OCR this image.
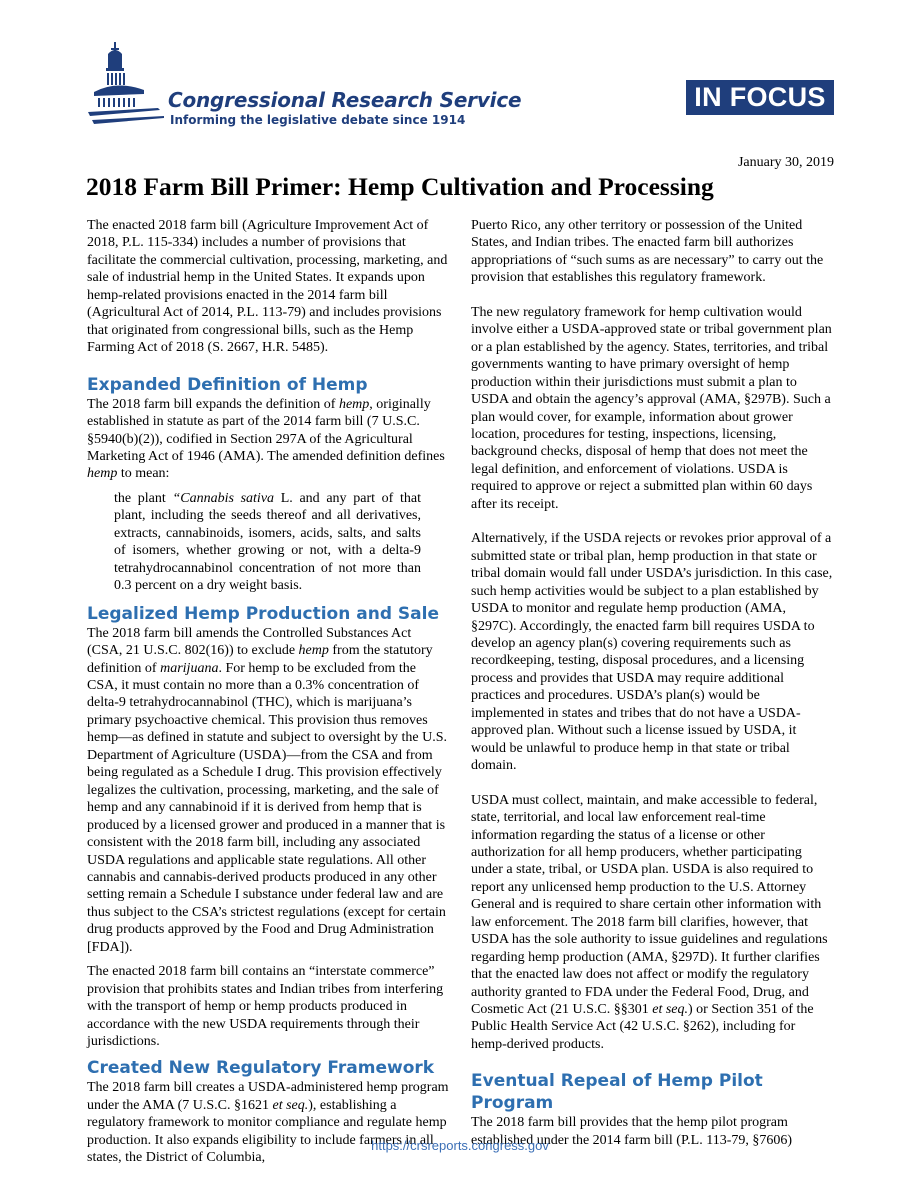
Congressional Research Service
Informing the legislative debate since 1914
IN FOCUS
January 30, 2019
2018 Farm Bill Primer: Hemp Cultivation and Processing

The enacted 2018 farm bill (Agriculture Improvement Act of 2018, P.L. 115-334) includes a number of provisions that facilitate the commercial cultivation, processing, marketing, and sale of industrial hemp in the United States. It expands upon hemp-related provisions enacted in the 2014 farm bill (Agricultural Act of 2014, P.L. 113-79) and includes provisions that originated from congressional bills, such as the Hemp Farming Act of 2018 (S. 2667, H.R. 5485).

Expanded Definition of Hemp

The 2018 farm bill expands the definition of hemp, originally established in statute as part of the 2014 farm bill (7 U.S.C. §5940(b)(2)), codified in Section 297A of the Agricultural Marketing Act of 1946 (AMA). The amended definition defines hemp to mean:

the plant “Cannabis sativa L. and any part of that plant, including the seeds thereof and all derivatives, extracts, cannabinoids, isomers, acids, salts, and salts of isomers, whether growing or not, with a delta-9 tetrahydrocannabinol concentration of not more than 0.3 percent on a dry weight basis.
Legalized Hemp Production and Sale

The 2018 farm bill amends the Controlled Substances Act (CSA, 21 U.S.C. 802(16)) to exclude hemp from the statutory definition of marijuana. For hemp to be excluded from the CSA, it must contain no more than a 0.3% concentration of delta-9 tetrahydrocannabinol (THC), which is marijuana’s primary psychoactive chemical. This provision thus removes hemp—as defined in statute and subject to oversight by the U.S. Department of Agriculture (USDA)—from the CSA and from being regulated as a Schedule I drug. This provision effectively legalizes the cultivation, processing, marketing, and the sale of hemp and any cannabinoid if it is derived from hemp that is produced by a licensed grower and produced in a manner that is consistent with the 2018 farm bill, including any associated USDA regulations and applicable state regulations. All other cannabis and cannabis-derived products produced in any other setting remain a Schedule I substance under federal law and are thus subject to the CSA’s strictest regulations (except for certain drug products approved by the Food and Drug Administration [FDA]).

The enacted 2018 farm bill contains an “interstate commerce” provision that prohibits states and Indian tribes from interfering with the transport of hemp or hemp products produced in accordance with the new USDA requirements through their jurisdictions.

Created New Regulatory Framework

The 2018 farm bill creates a USDA-administered hemp program under the AMA (7 U.S.C. §1621 et seq.), establishing a regulatory framework to monitor compliance and regulate hemp production. It also expands eligibility to include farmers in all states, the District of Columbia,

Puerto Rico, any other territory or possession of the United States, and Indian tribes. The enacted farm bill authorizes appropriations of “such sums as are necessary” to carry out the provision that establishes this regulatory framework.

The new regulatory framework for hemp cultivation would involve either a USDA-approved state or tribal government plan or a plan established by the agency. States, territories, and tribal governments wanting to have primary oversight of hemp production within their jurisdictions must submit a plan to USDA and obtain the agency’s approval (AMA, §297B). Such a plan would cover, for example, information about grower location, procedures for testing, inspections, licensing, background checks, disposal of hemp that does not meet the legal definition, and enforcement of violations. USDA is required to approve or reject a submitted plan within 60 days after its receipt.

Alternatively, if the USDA rejects or revokes prior approval of a submitted state or tribal plan, hemp production in that state or tribal domain would fall under USDA’s jurisdiction. In this case, such hemp activities would be subject to a plan established by USDA to monitor and regulate hemp production (AMA, §297C). Accordingly, the enacted farm bill requires USDA to develop an agency plan(s) covering requirements such as recordkeeping, testing, disposal procedures, and a licensing process and provides that USDA may require additional practices and procedures. USDA’s plan(s) would be implemented in states and tribes that do not have a USDA-approved plan. Without such a license issued by USDA, it would be unlawful to produce hemp in that state or tribal domain.

USDA must collect, maintain, and make accessible to federal, state, territorial, and local law enforcement real-time information regarding the status of a license or other authorization for all hemp producers, whether participating under a state, tribal, or USDA plan. USDA is also required to report any unlicensed hemp production to the U.S. Attorney General and is required to share certain other information with law enforcement. The 2018 farm bill clarifies, however, that USDA has the sole authority to issue guidelines and regulations regarding hemp production (AMA, §297D). It further clarifies that the enacted law does not affect or modify the regulatory authority granted to FDA under the Federal Food, Drug, and Cosmetic Act (21 U.S.C. §§301 et seq.) or Section 351 of the Public Health Service Act (42 U.S.C. §262), including for hemp-derived products.

Eventual Repeal of Hemp Pilot Program

The 2018 farm bill provides that the hemp pilot program established under the 2014 farm bill (P.L. 113-79, §7606)

https://crsreports.congress.gov
